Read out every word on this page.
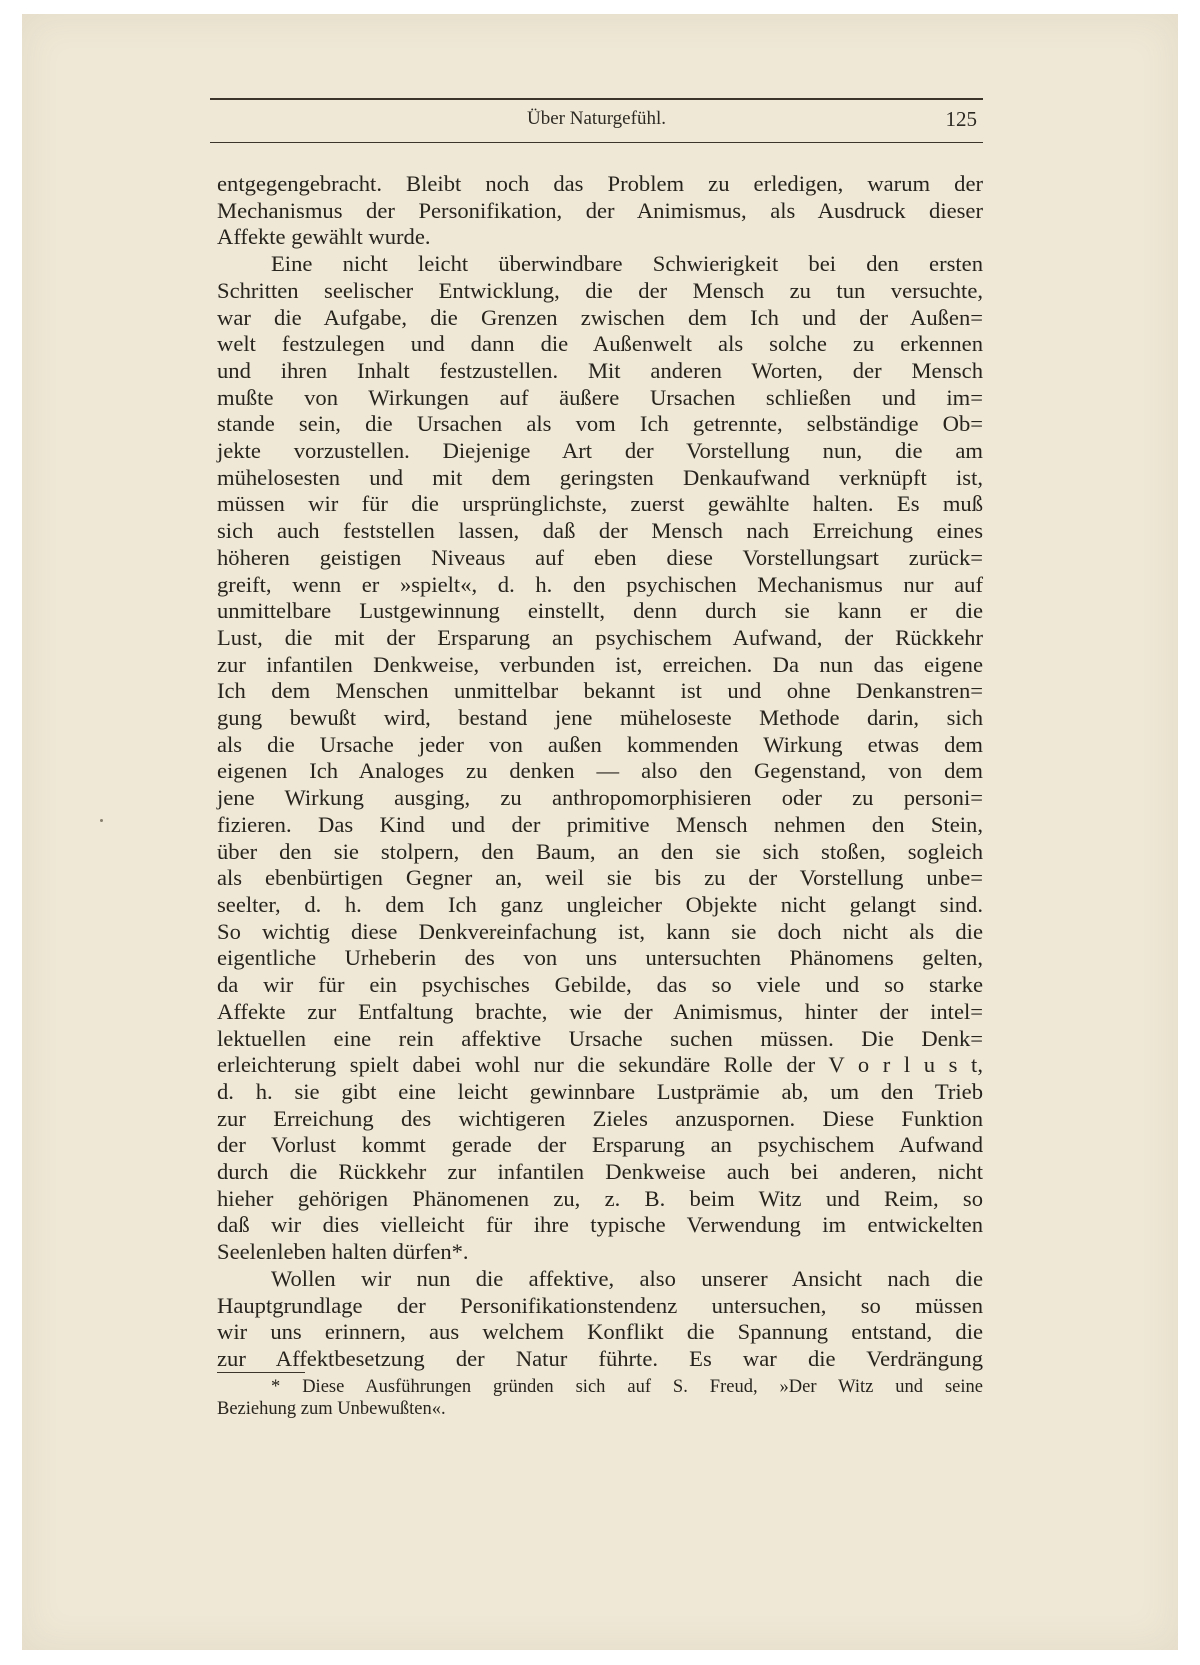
Über Naturgefühl.	125
entgegengebracht. Bleibt noch das Problem zu erledigen, warum der
Mechanismus der Personifikation, der Animismus, als Ausdruck dieser
Affekte gewählt wurde.
Eine nicht leicht überwindbare Schwierigkeit bei den ersten
Schritten seelischer Entwicklung, die der Mensch zu tun versuchte,
war die Aufgabe, die Grenzen zwischen dem Ich und der Außen=
welt festzulegen und dann die Außenwelt als solche zu erkennen
und ihren Inhalt festzustellen. Mit anderen Worten, der Mensch
mußte von Wirkungen auf äußere Ursachen schließen und im=
stande sein, die Ursachen als vom Ich getrennte, selbständige Ob=
jekte vorzustellen. Diejenige Art der Vorstellung nun, die am
mühelosesten und mit dem geringsten Denkaufwand verknüpft ist,
müssen wir für die ursprünglichste, zuerst gewählte halten. Es muß
sich auch feststellen lassen, daß der Mensch nach Erreichung eines
höheren geistigen Niveaus auf eben diese Vorstellungsart zurück=
greift, wenn er »spielt«, d. h. den psychischen Mechanismus nur auf
unmittelbare Lustgewinnung einstellt, denn durch sie kann er die
Lust, die mit der Ersparung an psychischem Aufwand, der Rückkehr
zur infantilen Denkweise, verbunden ist, erreichen. Da nun das eigene
Ich dem Menschen unmittelbar bekannt ist und ohne Denkanstren=
gung bewußt wird, bestand jene müheloseste Methode darin, sich
als die Ursache jeder von außen kommenden Wirkung etwas dem
eigenen Ich Analoges zu denken — also den Gegenstand, von dem
jene Wirkung ausging, zu anthropomorphisieren oder zu personi=
fizieren. Das Kind und der primitive Mensch nehmen den Stein,
über den sie stolpern, den Baum, an den sie sich stoßen, sogleich
als ebenbürtigen Gegner an, weil sie bis zu der Vorstellung unbe=
seelter, d. h. dem Ich ganz ungleicher Objekte nicht gelangt sind.
So wichtig diese Denkvereinfachung ist, kann sie doch nicht als die
eigentliche Urheberin des von uns untersuchten Phänomens gelten,
da wir für ein psychisches Gebilde, das so viele und so starke
Affekte zur Entfaltung brachte, wie der Animismus, hinter der intel=
lektuellen eine rein affektive Ursache suchen müssen. Die Denk=
erleichterung spielt dabei wohl nur die sekundäre Rolle der V o r l u s t,
d. h. sie gibt eine leicht gewinnbare Lustprämie ab, um den Trieb
zur Erreichung des wichtigeren Zieles anzuspornen. Diese Funktion
der Vorlust kommt gerade der Ersparung an psychischem Aufwand
durch die Rückkehr zur infantilen Denkweise auch bei anderen, nicht
hieher gehörigen Phänomenen zu, z. B. beim Witz und Reim, so
daß wir dies vielleicht für ihre typische Verwendung im entwickelten
Seelenleben halten dürfen*.
Wollen wir nun die affektive, also unserer Ansicht nach die
Hauptgrundlage der Personifikationstendenz untersuchen, so müssen
wir uns erinnern, aus welchem Konflikt die Spannung entstand, die
zur Affektbesetzung der Natur führte. Es war die Verdrängung
* Diese Ausführungen gründen sich auf S. Freud, »Der Witz und seine
Beziehung zum Unbewußten«.
